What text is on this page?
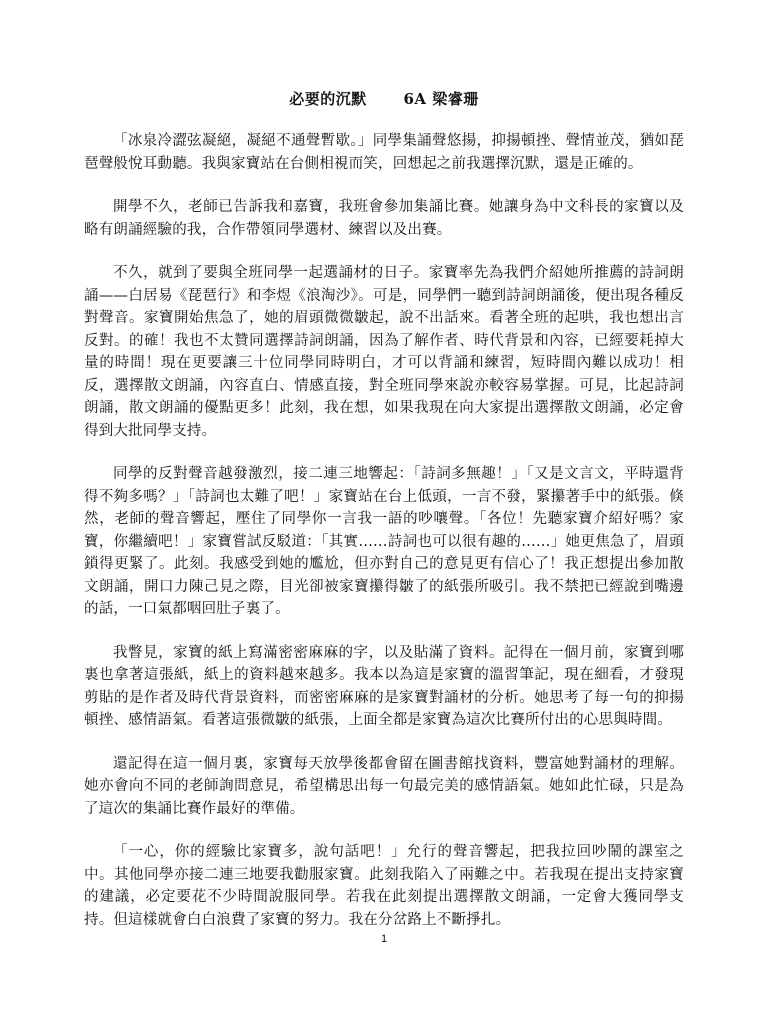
必要的沉默　　 6A 梁睿珊

「冰泉冷澀弦凝絕，凝絕不通聲暫歇。」同學集誦聲悠揚，抑揚頓挫、聲情並茂，猶如琵琶聲般悅耳動聽。我與家寶站在台側相視而笑，回想起之前我選擇沉默，還是正確的。

開學不久，老師已告訴我和嘉寶，我班會參加集誦比賽。她讓身為中文科長的家寶以及略有朗誦經驗的我，合作帶領同學選材、練習以及出賽。

不久，就到了要與全班同學一起選誦材的日子。家寶率先為我們介紹她所推薦的詩詞朗誦——白居易《琵琶行》和李煜《浪淘沙》。可是，同學們一聽到詩詞朗誦後，便出現各種反對聲音。家寶開始焦急了，她的眉頭微微皺起，說不出話來。看著全班的起哄，我也想出言反對。的確！我也不太贊同選擇詩詞朗誦，因為了解作者、時代背景和內容，已經要耗掉大量的時間！現在更要讓三十位同學同時明白，才可以背誦和練習，短時間內難以成功！相反，選擇散文朗誦，內容直白、情感直接，對全班同學來說亦較容易掌握。可見，比起詩詞朗誦，散文朗誦的優點更多！此刻，我在想，如果我現在向大家提出選擇散文朗誦，必定會得到大批同學支持。

同學的反對聲音越發激烈，接二連三地響起：「詩詞多無趣！」「又是文言文，平時還背得不夠多嗎？」「詩詞也太難了吧！」家寶站在台上低頭，一言不發，緊攥著手中的紙張。倏然，老師的聲音響起，壓住了同學你一言我一語的吵嚷聲。「各位！先聽家寶介紹好嗎？家寶，你繼續吧！」家寶嘗試反駁道：「其實……詩詞也可以很有趣的……」她更焦急了，眉頭鎖得更緊了。此刻。我感受到她的尷尬，但亦對自己的意見更有信心了！我正想提出參加散文朗誦，開口力陳己見之際，目光卻被家寶攥得皺了的紙張所吸引。我不禁把已經說到嘴邊的話，一口氣都咽回肚子裏了。

我瞥見，家寶的紙上寫滿密密麻麻的字，以及貼滿了資料。記得在一個月前，家寶到哪裏也拿著這張紙，紙上的資料越來越多。我本以為這是家寶的溫習筆記，現在細看，才發現剪貼的是作者及時代背景資料，而密密麻麻的是家寶對誦材的分析。她思考了每一句的抑揚頓挫、感情語氣。看著這張微皺的紙張，上面全都是家寶為這次比賽所付出的心思與時間。

還記得在這一個月裏，家寶每天放學後都會留在圖書館找資料，豐富她對誦材的理解。她亦會向不同的老師詢問意見，希望構思出每一句最完美的感情語氣。她如此忙碌，只是為了這次的集誦比賽作最好的準備。

「一心，你的經驗比家寶多，說句話吧！」允行的聲音響起，把我拉回吵鬧的課室之中。其他同學亦接二連三地要我勸服家寶。此刻我陷入了兩難之中。若我現在提出支持家寶的建議，必定要花不少時間說服同學。若我在此刻提出選擇散文朗誦，一定會大獲同學支持。但這樣就會白白浪費了家寶的努力。我在分岔路上不斷掙扎。

1
